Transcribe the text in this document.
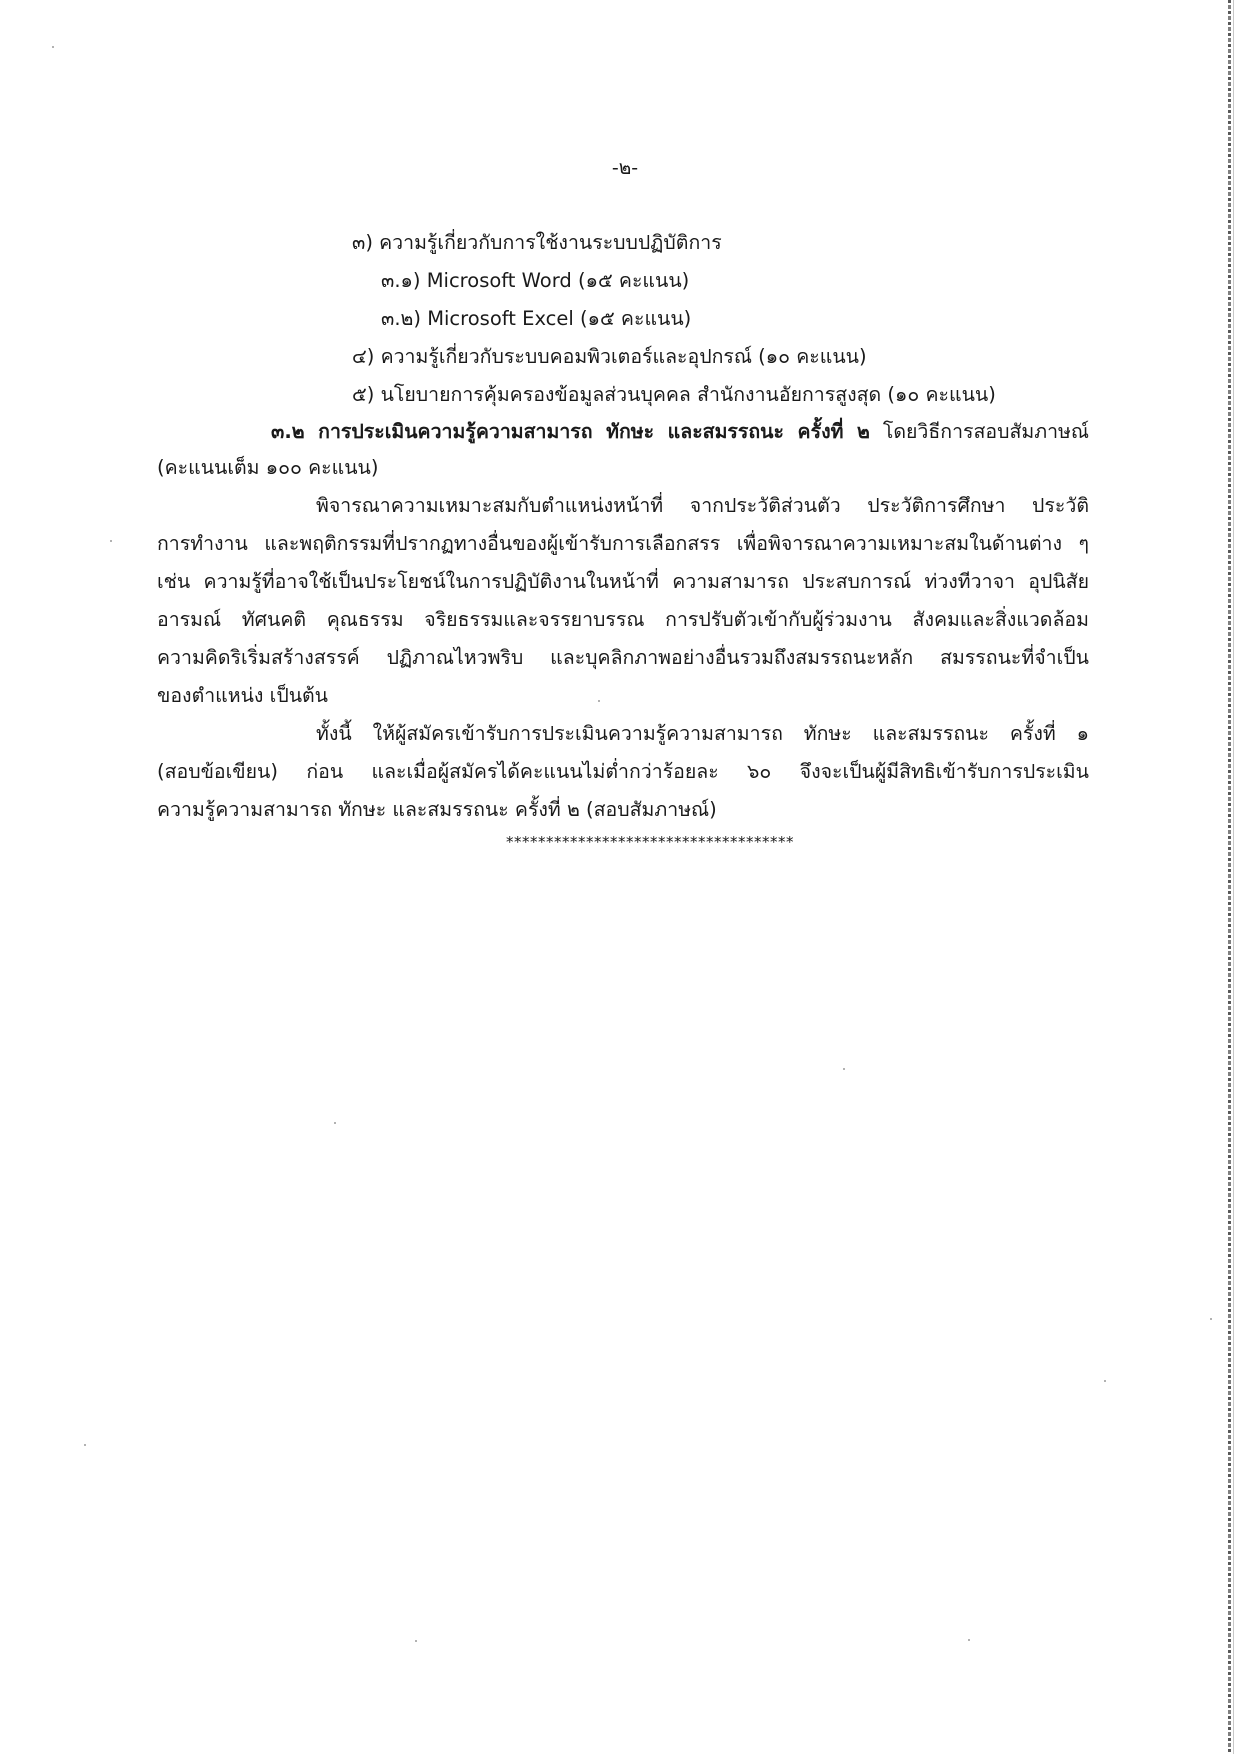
-๒-
๓) ความรู้เกี่ยวกับการใช้งานระบบปฏิบัติการ
๓.๑) Microsoft Word (๑๕ คะแนน)
๓.๒) Microsoft Excel (๑๕ คะแนน)
๔) ความรู้เกี่ยวกับระบบคอมพิวเตอร์และอุปกรณ์ (๑๐ คะแนน)
๕) นโยบายการคุ้มครองข้อมูลส่วนบุคคล สำนักงานอัยการสูงสุด (๑๐ คะแนน)
๓.๒ การประเมินความรู้ความสามารถ ทักษะ และสมรรถนะ ครั้งที่ ๒ โดยวิธีการสอบสัมภาษณ์
(คะแนนเต็ม ๑๐๐ คะแนน)
พิจารณาความเหมาะสมกับตำแหน่งหน้าที่ จากประวัติส่วนตัว ประวัติการศึกษา ประวัติ
การทำงาน และพฤติกรรมที่ปรากฏทางอื่นของผู้เข้ารับการเลือกสรร เพื่อพิจารณาความเหมาะสมในด้านต่าง ๆ
เช่น ความรู้ที่อาจใช้เป็นประโยชน์ในการปฏิบัติงานในหน้าที่ ความสามารถ ประสบการณ์ ท่วงทีวาจา อุปนิสัย
อารมณ์ ทัศนคติ คุณธรรม จริยธรรมและจรรยาบรรณ การปรับตัวเข้ากับผู้ร่วมงาน สังคมและสิ่งแวดล้อม
ความคิดริเริ่มสร้างสรรค์ ปฏิภาณไหวพริบ และบุคลิกภาพอย่างอื่นรวมถึงสมรรถนะหลัก สมรรถนะที่จำเป็น
ของตำแหน่ง เป็นต้น
ทั้งนี้ ให้ผู้สมัครเข้ารับการประเมินความรู้ความสามารถ ทักษะ และสมรรถนะ ครั้งที่ ๑
(สอบข้อเขียน) ก่อน และเมื่อผู้สมัครได้คะแนนไม่ต่ำกว่าร้อยละ ๖๐ จึงจะเป็นผู้มีสิทธิเข้ารับการประเมิน
ความรู้ความสามารถ ทักษะ และสมรรถนะ ครั้งที่ ๒ (สอบสัมภาษณ์)
************************************
